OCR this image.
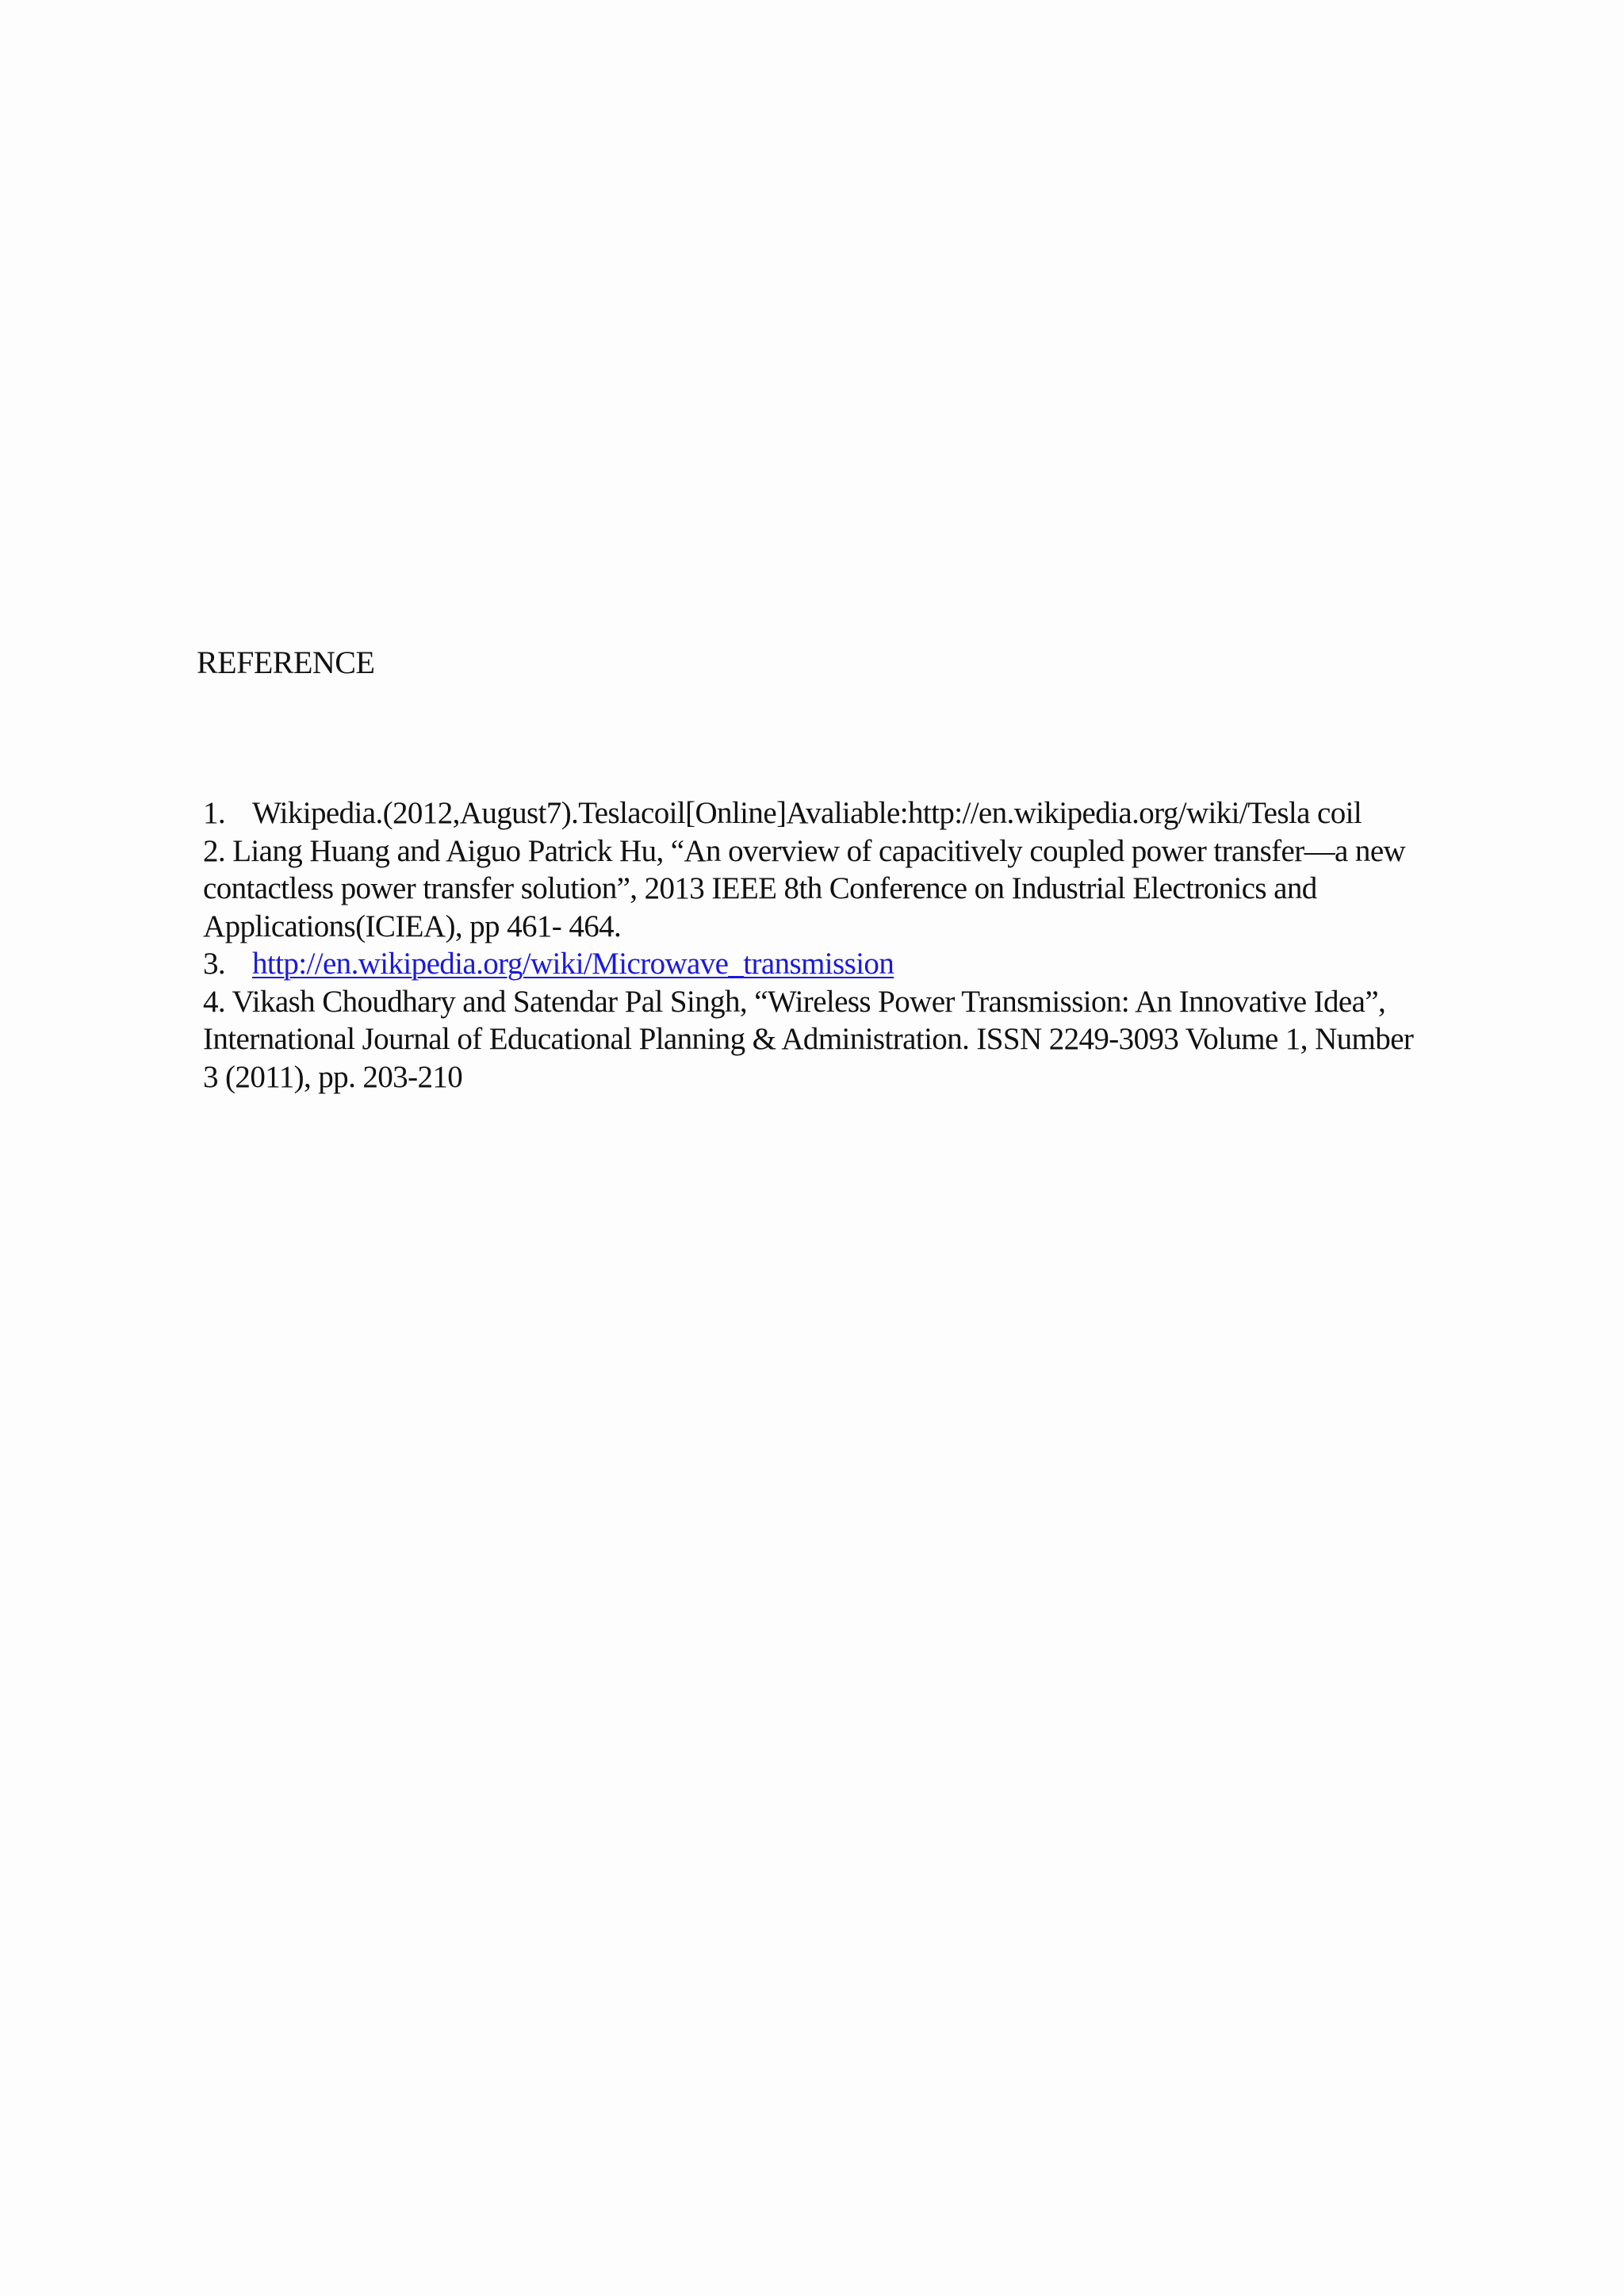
REFERENCE

1. Wikipedia.(2012,August7).Teslacoil[Online]Avaliable:http://en.wikipedia.org/wiki/Tesla coil

2. Liang Huang and Aiguo Patrick Hu, “An overview of capacitively coupled power transfer—a new contactless power transfer solution”, 2013 IEEE 8th Conference on Industrial Electronics and Applications(ICIEA), pp 461- 464.

3. http://en.wikipedia.org/wiki/Microwave_transmission

4. Vikash Choudhary and Satendar Pal Singh, “Wireless Power Transmission: An Innovative Idea”, International Journal of Educational Planning & Administration. ISSN 2249-3093 Volume 1, Number 3 (2011), pp. 203-210
